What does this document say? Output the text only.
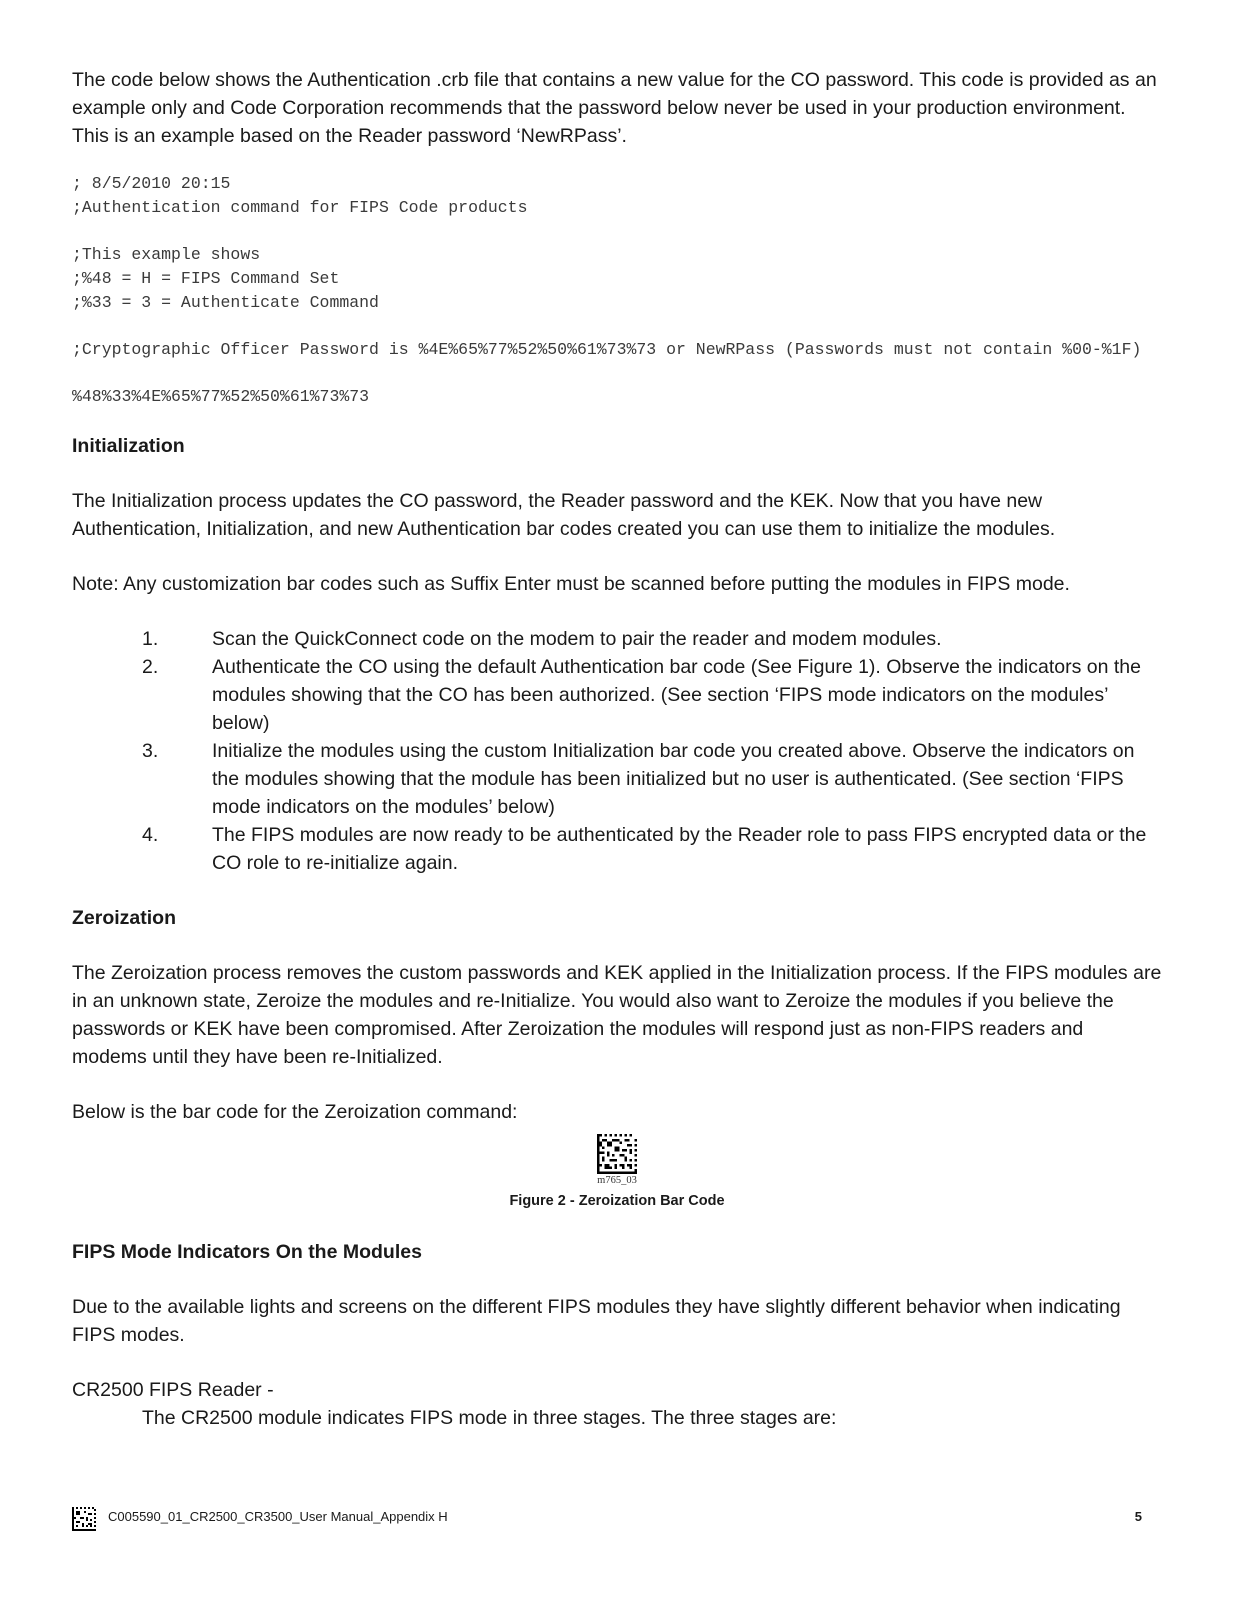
The code below shows the Authentication .crb file that contains a new value for the CO password. This code is provided as an example only and Code Corporation recommends that the password below never be used in your production environment. This is an example based on the Reader password ‘NewRPass’.

; 8/5/2010 20:15
;Authentication command for FIPS Code products
;This example shows
;%48 = H = FIPS Command Set
;%33 = 3 = Authenticate Command
;Cryptographic Officer Password is %4E%65%77%52%50%61%73%73 or NewRPass (Passwords must not contain %00-%1F)
%48%33%4E%65%77%52%50%61%73%73
Initialization

The Initialization process updates the CO password, the Reader password and the KEK. Now that you have new Authentication, Initialization, and new Authentication bar codes created you can use them to initialize the modules.

Note: Any customization bar codes such as Suffix Enter must be scanned before putting the modules in FIPS mode.

1.	Scan the QuickConnect code on the modem to pair the reader and modem modules.
2.	Authenticate the CO using the default Authentication bar code (See Figure 1). Observe the indicators on the modules showing that the CO has been authorized. (See section ‘FIPS mode indicators on the modules’ below)
3.	Initialize the modules using the custom Initialization bar code you created above. Observe the indicators on the modules showing that the module has been initialized but no user is authenticated. (See section ‘FIPS mode indicators on the modules’ below)
4.	The FIPS modules are now ready to be authenticated by the Reader role to pass FIPS encrypted data or the CO role to re-initialize again.
Zeroization

The Zeroization process removes the custom passwords and KEK applied in the Initialization process. If the FIPS modules are in an unknown state, Zeroize the modules and re-Initialize. You would also want to Zeroize the modules if you believe the passwords or KEK have been compromised. After Zeroization the modules will respond just as non-FIPS readers and modems until they have been re-Initialized.

Below is the bar code for the Zeroization command:

m765_03
Figure 2 - Zeroization Bar Code
FIPS Mode Indicators On the Modules

Due to the available lights and screens on the different FIPS modules they have slightly different behavior when indicating FIPS modes.

CR2500 FIPS Reader -

The CR2500 module indicates FIPS mode in three stages. The three stages are:

C005590_01_CR2500_CR3500_User Manual_Appendix H	5
